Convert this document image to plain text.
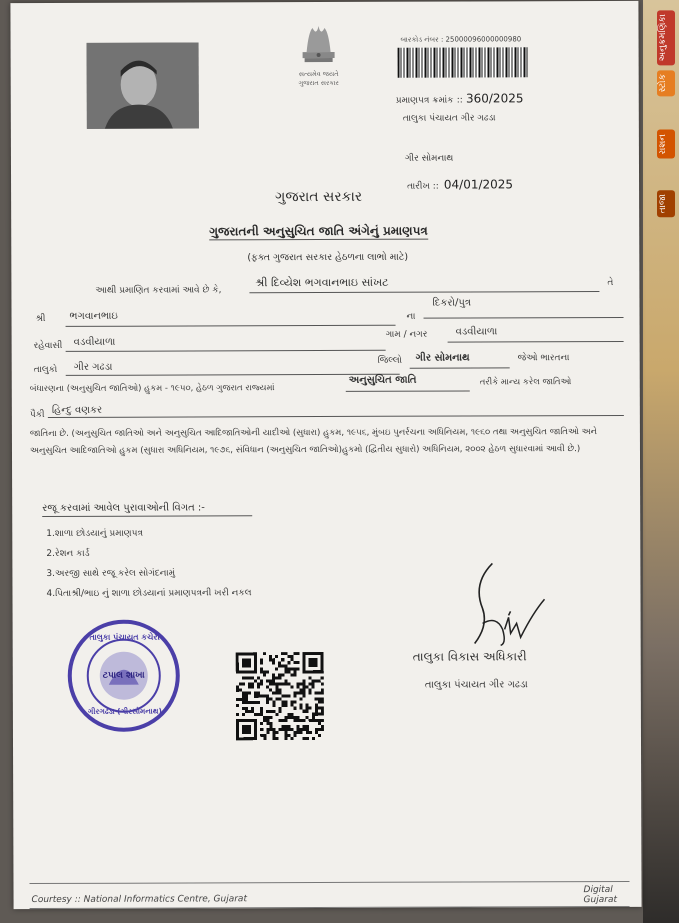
અનુક્રમણિકા
સ્ટોક
રાશન
તાજા
સત્યમેવ જયતે
ગુજરાત સરકાર
બારકોડ નંબર : 25000096000000980
પ્રમાણપત્ર ક્રમાંક :: 360/2025
તાલુકા પંચાયત ગીર ગઢડા
ગીર સોમનાથ
તારીખ :: 04/01/2025
ગુજરાત સરકાર
ગુજરાતની અનુસુચિત જાતિ અંગેનું પ્રમાણપત્ર
(ફક્ત ગુજરાત સરકાર હેઠળના લાભો માટે)
આથી પ્રમાણિત કરવામાં આવે છે કે,
શ્રી દિવ્યેશ ભગવાનભાઇ સાંખટ	તે
શ્રી ભગવાનભાઇ	ના
દિકરો/પુત્ર
રહેવાસી વડવીયાળા
ગામ / નગર	વડવીયાળા
તાલુકો ગીર ગઢડા
જિલ્લો ગીર સોમનાથ	જેઓ ભારતના
બંધારણના (અનુસુચિત જાતિઓ) હુકમ - ૧૯૫૦, હેઠળ ગુજરાત રાજ્યમાં
અનુસુચિત જાતિ	તરીકે માન્ય કરેલ જાતિઓ
પૈકી હિન્દુ વણકર
જાતિના છે. (અનુસુચિત જાતિઓ અને અનુસુચિત આદિજાતિઓની યાદીઓ (સુધારા) હુકમ, ૧૯૫૬, મુંબઇ પુનર્રચના અધિનિયમ, ૧૯૬૦ તથા અનુસુચિત જાતિઓ અને અનુસુચિત આદિજાતિઓ હુકમ (સુધારા અધિનિયમ, ૧૯૭૬, સંવિધાન (અનુસુચિત જાતિઓ)હુકમો (દ્વિતીય સુધારો) અધિનિયમ, ૨૦૦૨ હેઠળ સુધારવામાં આવી છે.)
રજૂ કરવામાં આવેલ પુરાવાઓની વિગત :-
1.શાળા છોડયાનું પ્રમાણપત્ર
2.રેશન કાર્ડ
3.અરજી સાથે રજૂ કરેલ સોગંદનામું
4.પિતાશ્રી/ભાઇ નું શાળા છોડયાનાં પ્રમાણપત્રની ખરી નકલ
તાલુકા પંચાયત કચેરી
ટપાલ શાખા
ગીરગઢડા (ગીરસોમનાથ)
તાલુકા વિકાસ અધિકારી
તાલુકા પંચાયત ગીર ગઢડા
Courtesy :: National Informatics Centre, Gujarat
Digital Gujarat
